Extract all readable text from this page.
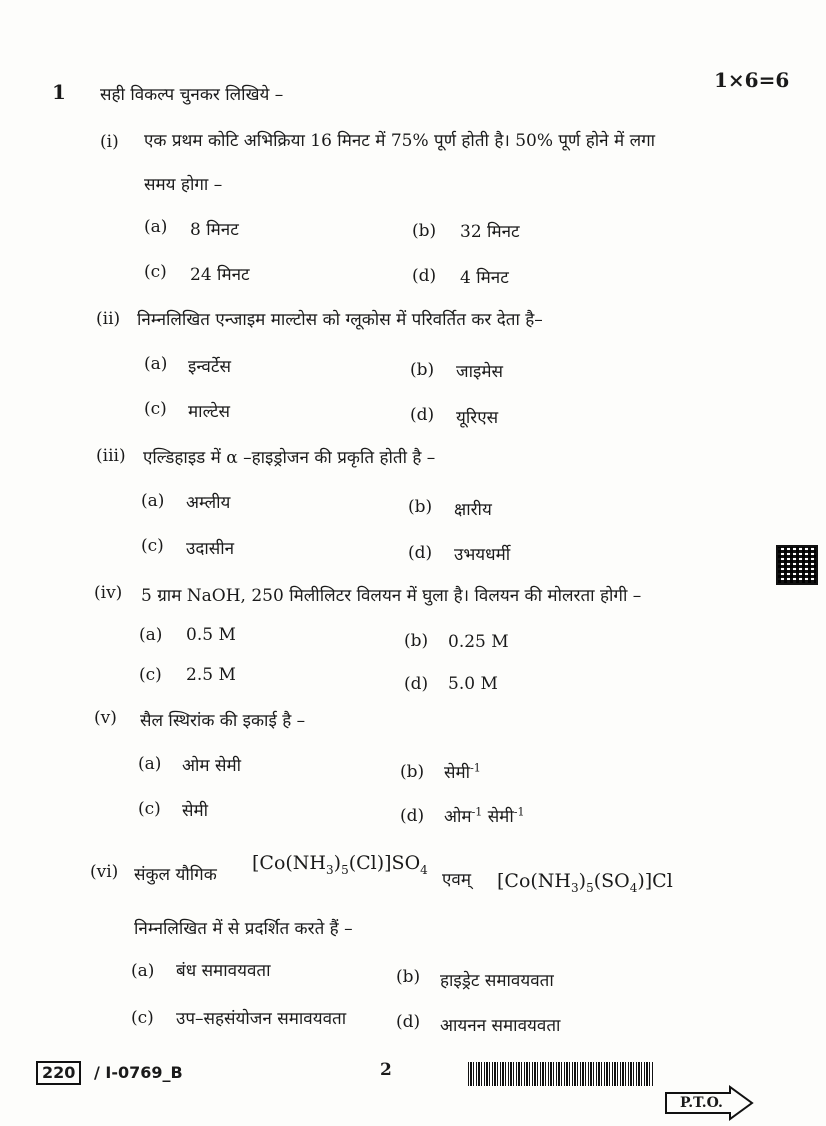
1 सही विकल्प चुनकर लिखिये –
1×6=6
(i) एक प्रथम कोटि अभिक्रिया 16 मिनट में 75% पूर्ण होती है। 50% पूर्ण होने में लगा
समय होगा –
(a) 8 मिनट	(b) 32 मिनट
(c) 24 मिनट	(d) 4 मिनट
(ii) निम्नलिखित एन्जाइम माल्टोस को ग्लूकोस में परिवर्तित कर देता है–
(a) इन्वर्टेस	(b) जाइमेस
(c) माल्टेस	(d) यूरिएस
(iii) एल्डिहाइड में α –हाइड्रोजन की प्रकृति होती है –
(a) अम्लीय	(b) क्षारीय
(c) उदासीन	(d) उभयधर्मी
(iv) 5 ग्राम NaOH, 250 मिलीलिटर विलयन में घुला है। विलयन की मोलरता होगी –
(a) 0.5 M	(b) 0.25 M
(c) 2.5 M	(d) 5.0 M
(v) सैल स्थिरांक की इकाई है –
(a) ओम सेमी	(b) सेमी$^{-1}$
(c) सेमी	(d) ओम$^{-1}$ सेमी$^{-1}$
(vi) संकुल यौगिक
$[Co(NH_3)_5(Cl)]SO_4$
एवम् $[Co(NH_3)_5(SO_4)]Cl$
निम्नलिखित में से प्रदर्शित करते हैं –
(a) बंध समावयवता	(b) हाइड्रेट समावयवता
(c) उप–सहसंयोजन समावयवता	(d) आयनन समावयवता
220	/ I-0769_B	2
P.T.O.
